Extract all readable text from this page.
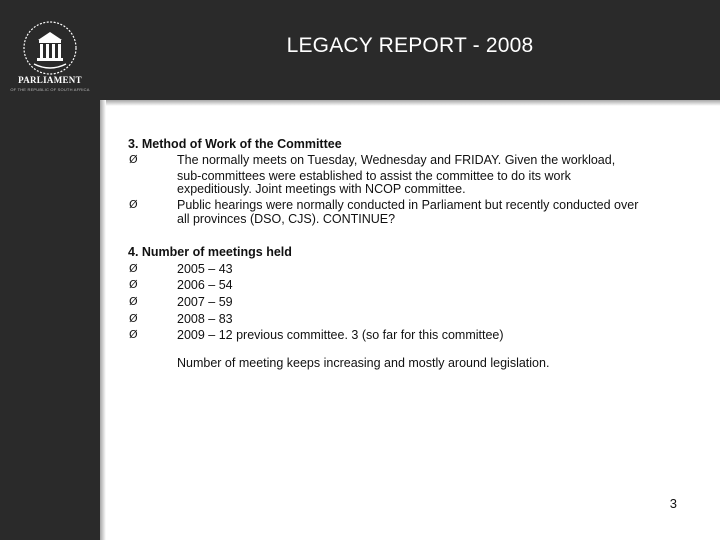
PARLIAMENT
OF THE REPUBLIC OF SOUTH AFRICA
LEGACY REPORT - 2008
3. Method of Work of the Committee
Ø	The normally meets on Tuesday, Wednesday and FRIDAY. Given the workload,
sub-committees were established to assist the committee to do its work
expeditiously. Joint meetings with NCOP committee.
Ø	Public hearings were normally conducted in Parliament but recently conducted over
all provinces (DSO, CJS). CONTINUE?
4. Number of meetings held
Ø	2005 – 43
Ø	2006 – 54
Ø	2007 – 59
Ø	2008 – 83
Ø	2009 – 12 previous committee. 3 (so far for this committee)
Number of meeting keeps increasing and mostly around legislation.
3
